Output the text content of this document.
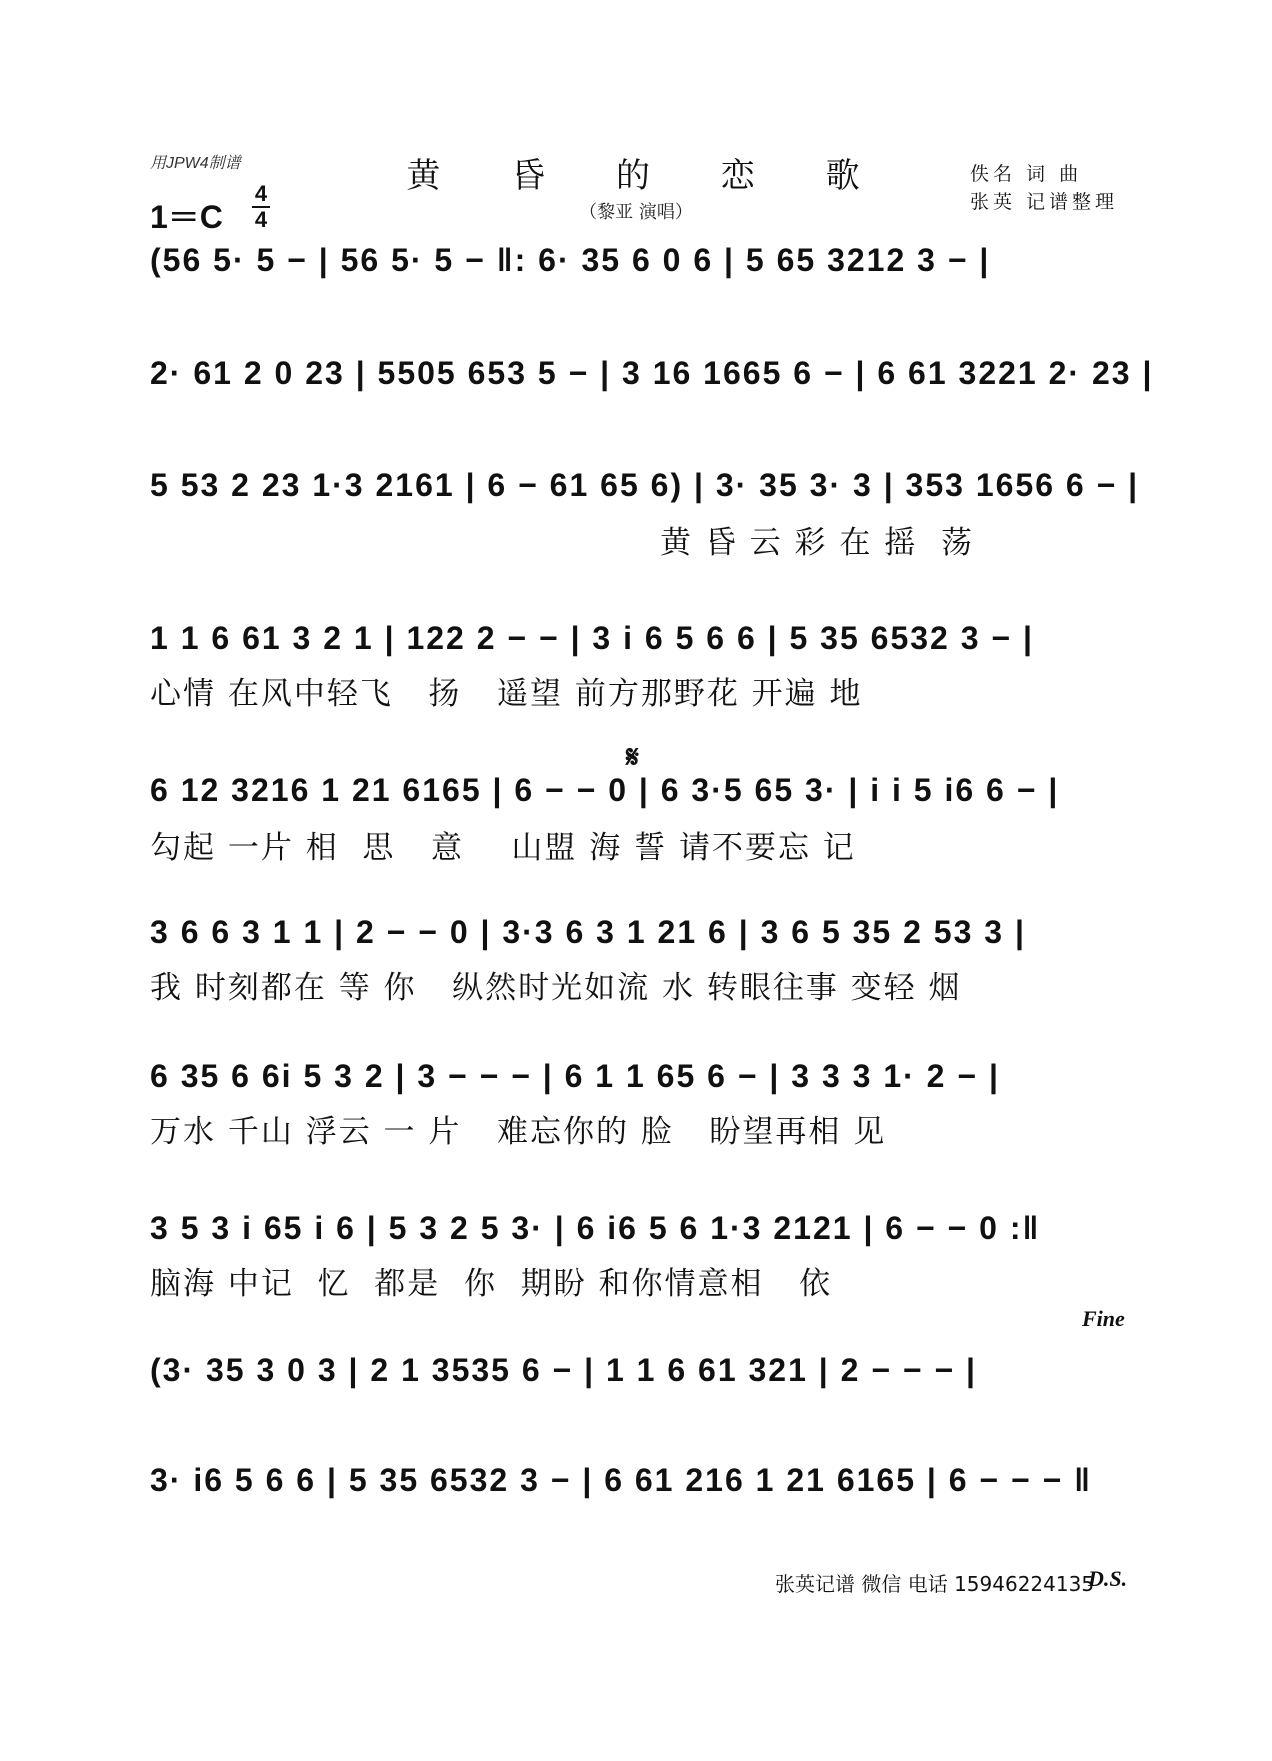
用JPW4制谱	黄 昏 的 恋 歌
（黎亚 演唱）
佚名 词 曲
张英 记谱整理
1＝C
4
4
(56 5· 5 − | 56 5· 5 − ‖: 6· 35 6 0 6 | 5 65 3212 3 − |
2· 61 2 0 23 | 5505 653 5 − | 3 16 1665 6 − | 6 61 3221 2· 23 |
5 53 2 23 1·3 2161 | 6 − 61 65 6) | 3· 35 3· 3 | 353 1656 6 − |
黄 昏 云 彩 在 摇  荡
1 1 6 61 3 2 1 | 122 2 − − | 3 i 6 5 6 6 | 5 35 6532 3 − |
心情 在风中轻飞   扬   遥望 前方那野花 开遍 地
𝄋
6 12 3216 1 21 6165 | 6 − − 0 | 6 3·5 65 3· | i i 5 i6 6 − |
勾起 一片 相  思   意    山盟 海 誓 请不要忘 记
3 6 6 3 1 1 | 2 − − 0 | 3·3 6 3 1 21 6 | 3 6 5 35 2 53 3 |
我 时刻都在 等 你   纵然时光如流 水 转眼往事 变轻 烟
6 35 6 6i 5 3 2 | 3 − − − | 6 1 1 65 6 − | 3 3 3 1· 2 − |
万水 千山 浮云 一 片   难忘你的 脸   盼望再相 见
3 5 3 i 65 i 6 | 5 3 2 5 3· | 6 i6 5 6 1·3 2121 | 6 − − 0 :‖
脑海 中记  忆  都是  你  期盼 和你情意相   依
Fine
(3· 35 3 0 3 | 2 1 3535 6 − | 1 1 6 61 321 | 2 − − − |
3· i6 5 6 6 | 5 35 6532 3 − | 6 61 216 1 21 6165 | 6 − − − ‖
张英记谱 微信 电话 15946224135
D.S.
